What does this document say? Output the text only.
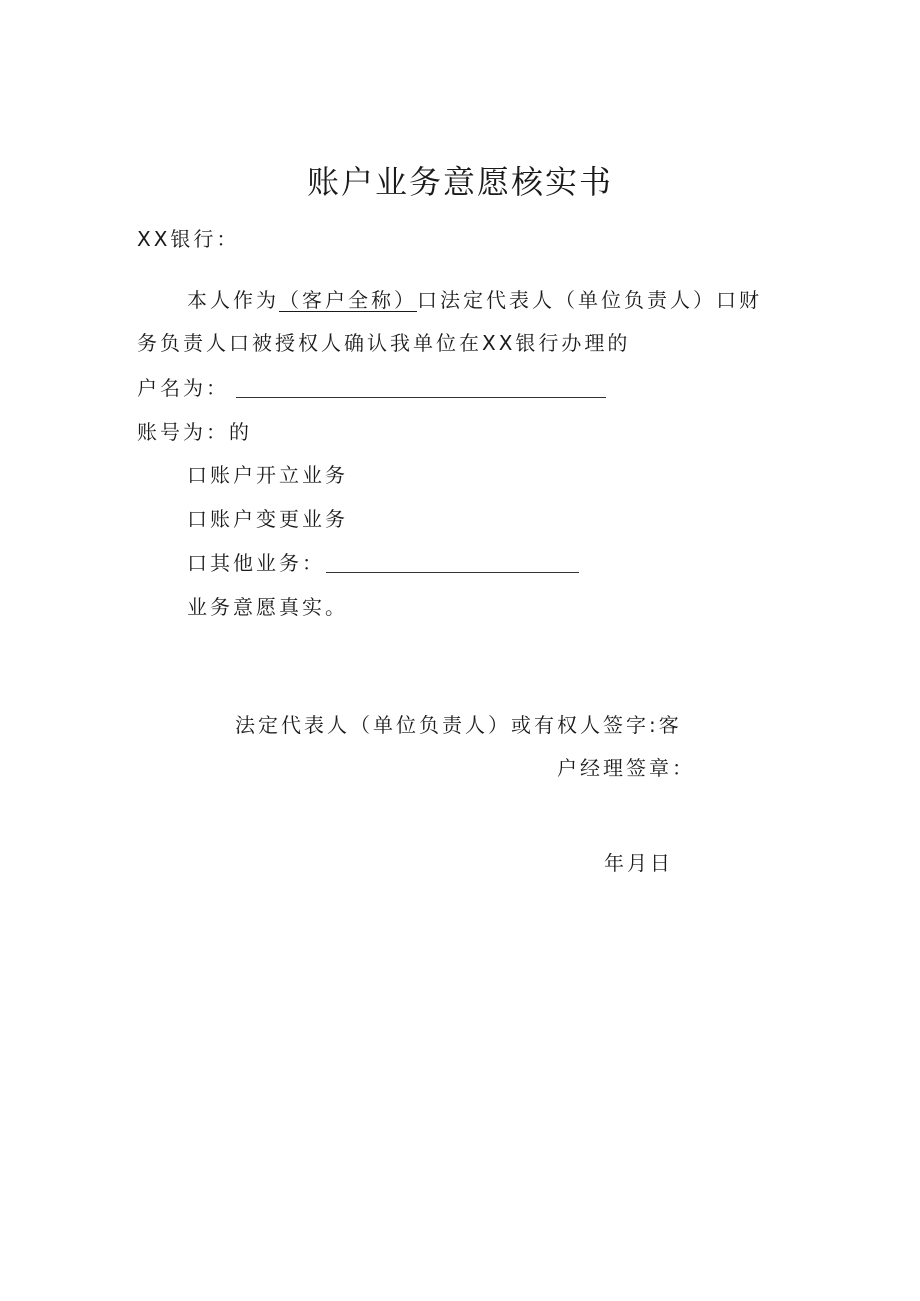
账户业务意愿核实书
XX银行：
本人作为（客户全称）口法定代表人（单位负责人）口财
务负责人口被授权人确认我单位在XX银行办理的
户名为：
账号为：的
口账户开立业务
口账户变更业务
口其他业务：
业务意愿真实。
法定代表人（单位负责人）或有权人签字:客
户经理签章：
年月日
